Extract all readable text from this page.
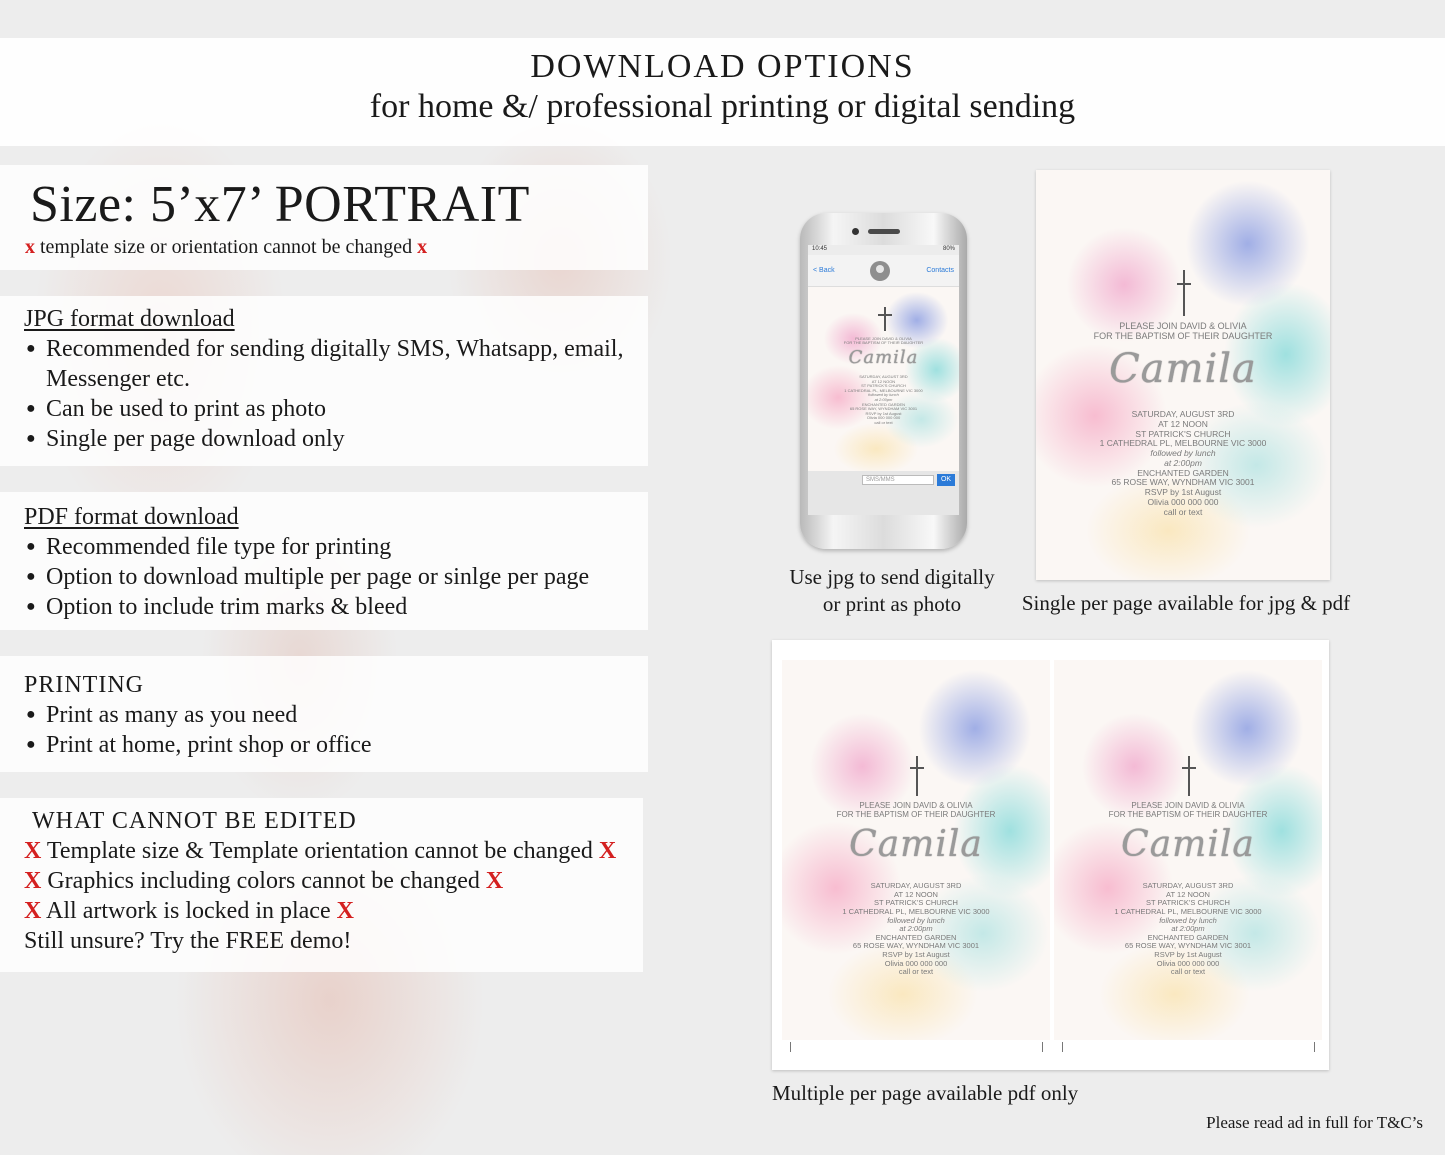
DOWNLOAD OPTIONS
for home &/ professional printing or digital sending
Size: 5’x7’ PORTRAIT
x template size or orientation cannot be changed x
JPG format download
● Recommended for sending digitally SMS, Whatsapp, email, Messenger etc.
● Can be used to print as photo
● Single per page download only
PDF format download
● Recommended file type for printing
● Option to download multiple per page or sinlge per page
● Option to include trim marks & bleed
PRINTING
● Print as many as you need
● Print at home, print shop or office
WHAT CANNOT BE EDITED
X Template size & Template orientation cannot be changed X
X Graphics including colors cannot be changed X
X All artwork is locked in place X
Still unsure? Try the FREE demo!
10:45	80%
< Back	Contacts
PLEASE JOIN DAVID & OLIVIA
FOR THE BAPTISM OF THEIR DAUGHTER
Camila
SATURDAY, AUGUST 3RD
AT 12 NOON
ST PATRICK'S CHURCH
1 CATHEDRAL PL, MELBOURNE VIC 3000
followed by lunch
at 2:00pm
ENCHANTED GARDEN
65 ROSE WAY, WYNDHAM VIC 3001
RSVP by 1st August
Olivia 000 000 000
call or text
SMS/MMS	OK
PLEASE JOIN DAVID & OLIVIA
FOR THE BAPTISM OF THEIR DAUGHTER
Camila
SATURDAY, AUGUST 3RD
AT 12 NOON
ST PATRICK'S CHURCH
1 CATHEDRAL PL, MELBOURNE VIC 3000
followed by lunch
at 2:00pm
ENCHANTED GARDEN
65 ROSE WAY, WYNDHAM VIC 3001
RSVP by 1st August
Olivia 000 000 000
call or text
Use jpg to send digitally
or print as photo	Single per page available for jpg & pdf
PLEASE JOIN DAVID & OLIVIA
FOR THE BAPTISM OF THEIR DAUGHTER
Camila
SATURDAY, AUGUST 3RD
AT 12 NOON
ST PATRICK'S CHURCH
1 CATHEDRAL PL, MELBOURNE VIC 3000
followed by lunch
at 2:00pm
ENCHANTED GARDEN
65 ROSE WAY, WYNDHAM VIC 3001
RSVP by 1st August
Olivia 000 000 000
call or text
PLEASE JOIN DAVID & OLIVIA
FOR THE BAPTISM OF THEIR DAUGHTER
Camila
SATURDAY, AUGUST 3RD
AT 12 NOON
ST PATRICK'S CHURCH
1 CATHEDRAL PL, MELBOURNE VIC 3000
followed by lunch
at 2:00pm
ENCHANTED GARDEN
65 ROSE WAY, WYNDHAM VIC 3001
RSVP by 1st August
Olivia 000 000 000
call or text
Multiple per page available pdf only
Please read ad in full for T&C’s
